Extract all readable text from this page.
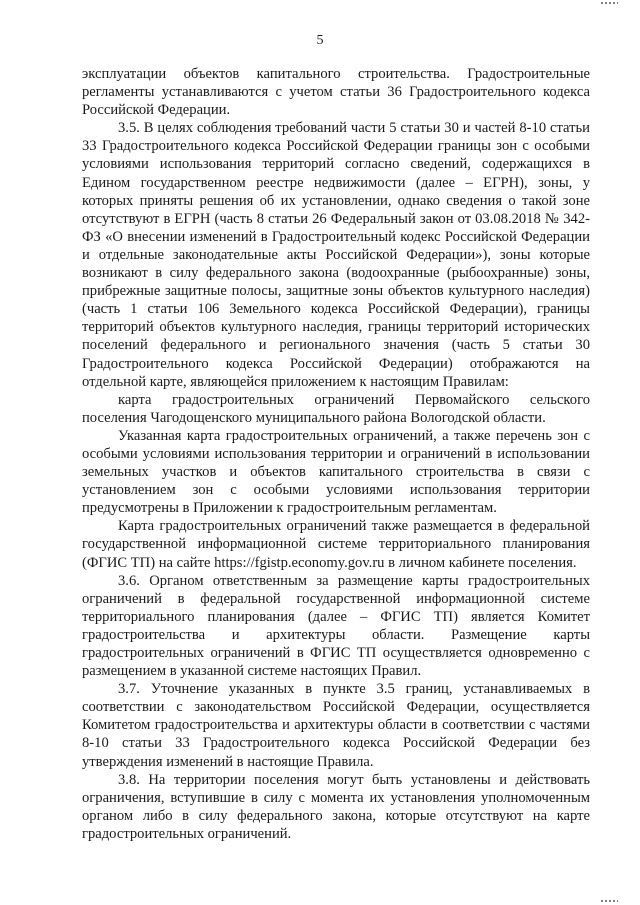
5

эксплуатации объектов капитального строительства. Градостроительные регламенты устанавливаются с учетом статьи 36 Градостроительного кодекса Российской Федерации.

3.5. В целях соблюдения требований части 5 статьи 30 и частей 8-10 статьи 33 Градостроительного кодекса Российской Федерации границы зон с особыми условиями использования территорий согласно сведений, содержащихся в Едином государственном реестре недвижимости (далее – ЕГРН), зоны, у которых приняты решения об их установлении, однако сведения о такой зоне отсутствуют в ЕГРН (часть 8 статьи 26 Федеральный закон от 03.08.2018 № 342-ФЗ «О внесении изменений в Градостроительный кодекс Российской Федерации и отдельные законодательные акты Российской Федерации»), зоны которые возникают в силу федерального закона (водоохранные (рыбоохранные) зоны, прибрежные защитные полосы, защитные зоны объектов культурного наследия) (часть 1 статьи 106 Земельного кодекса Российской Федерации), границы территорий объектов культурного наследия, границы территорий исторических поселений федерального и регионального значения (часть 5 статьи 30 Градостроительного кодекса Российской Федерации) отображаются на отдельной карте, являющейся приложением к настоящим Правилам:

карта градостроительных ограничений Первомайского сельского поселения Чагодощенского муниципального района Вологодской области.

Указанная карта градостроительных ограничений, а также перечень зон с особыми условиями использования территории и ограничений в использовании земельных участков и объектов капитального строительства в связи с установлением зон с особыми условиями использования территории предусмотрены в Приложении к градостроительным регламентам.

Карта градостроительных ограничений также размещается в федеральной государственной информационной системе территориального планирования (ФГИС ТП) на сайте https://fgistp.economy.gov.ru в личном кабинете поселения.

3.6. Органом ответственным за размещение карты градостроительных ограничений в федеральной государственной информационной системе территориального планирования (далее – ФГИС ТП) является Комитет градостроительства и архитектуры области. Размещение карты градостроительных ограничений в ФГИС ТП осуществляется одновременно с размещением в указанной системе настоящих Правил.

3.7. Уточнение указанных в пункте 3.5 границ, устанавливаемых в соответствии с законодательством Российской Федерации, осуществляется Комитетом градостроительства и архитектуры области в соответствии с частями 8-10 статьи 33 Градостроительного кодекса Российской Федерации без утверждения изменений в настоящие Правила.

3.8. На территории поселения могут быть установлены и действовать ограничения, вступившие в силу с момента их установления уполномоченным органом либо в силу федерального закона, которые отсутствуют на карте градостроительных ограничений.
